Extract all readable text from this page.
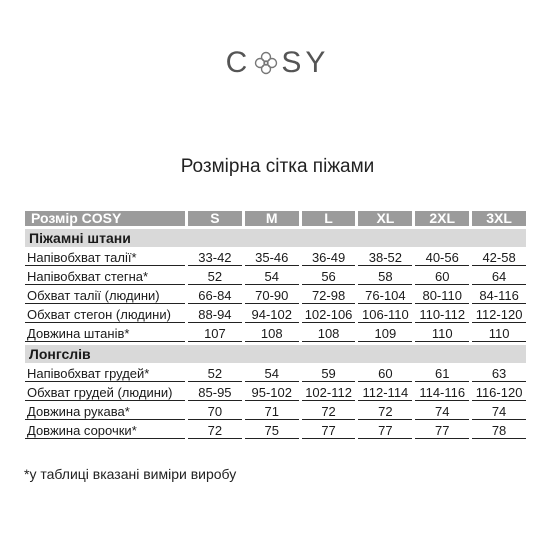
C SY
Розмірна сітка піжами
Розмір COSY	S	M	L	XL	2XL	3XL
Піжамні штани						
Напівобхват талії*	33-42	35-46	36-49	38-52	40-56	42-58
Напівобхват стегна*	52	54	56	58	60	64
Обхват талії (людини)	66-84	70-90	72-98	76-104	80-110	84-116
Обхват стегон (людини)	88-94	94-102	102-106	106-110	110-112	112-120
Довжина штанів*	107	108	108	109	110	110
Лонгслів						
Напівобхват грудей*	52	54	59	60	61	63
Обхват грудей (людини)	85-95	95-102	102-112	112-114	114-116	116-120
Довжина рукава*	70	71	72	72	74	74
Довжина сорочки*	72	75	77	77	77	78
*у таблиці вказані виміри виробу
